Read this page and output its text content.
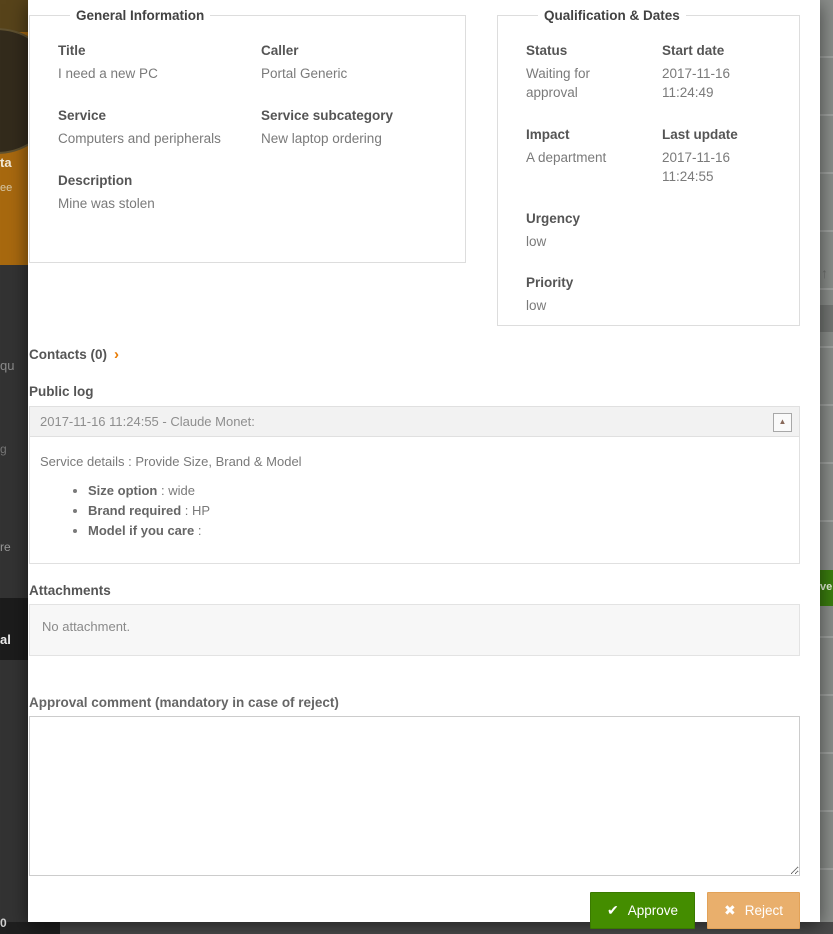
ta
ee
qu
g
re
al
↑
ve
0
General Information
Title
I need a new PC
Caller
Portal Generic
Service
Computers and peripherals
Service subcategory
New laptop ordering
Description
Mine was stolen
Qualification & Dates
Status
Waiting for approval
Start date
2017-11-16 11:24:49
Impact
A department
Last update
2017-11-16 11:24:55
Urgency
low
Priority
low
Contacts (0) ›
Public log
2017-11-16 11:24:55 - Claude Monet:	▲

Service details : Provide Size, Brand & Model

• Size option : wide
• Brand required : HP
• Model if you care :
Attachments
No attachment.
Approval comment (mandatory in case of reject)
✔ Approve	✖ Reject
